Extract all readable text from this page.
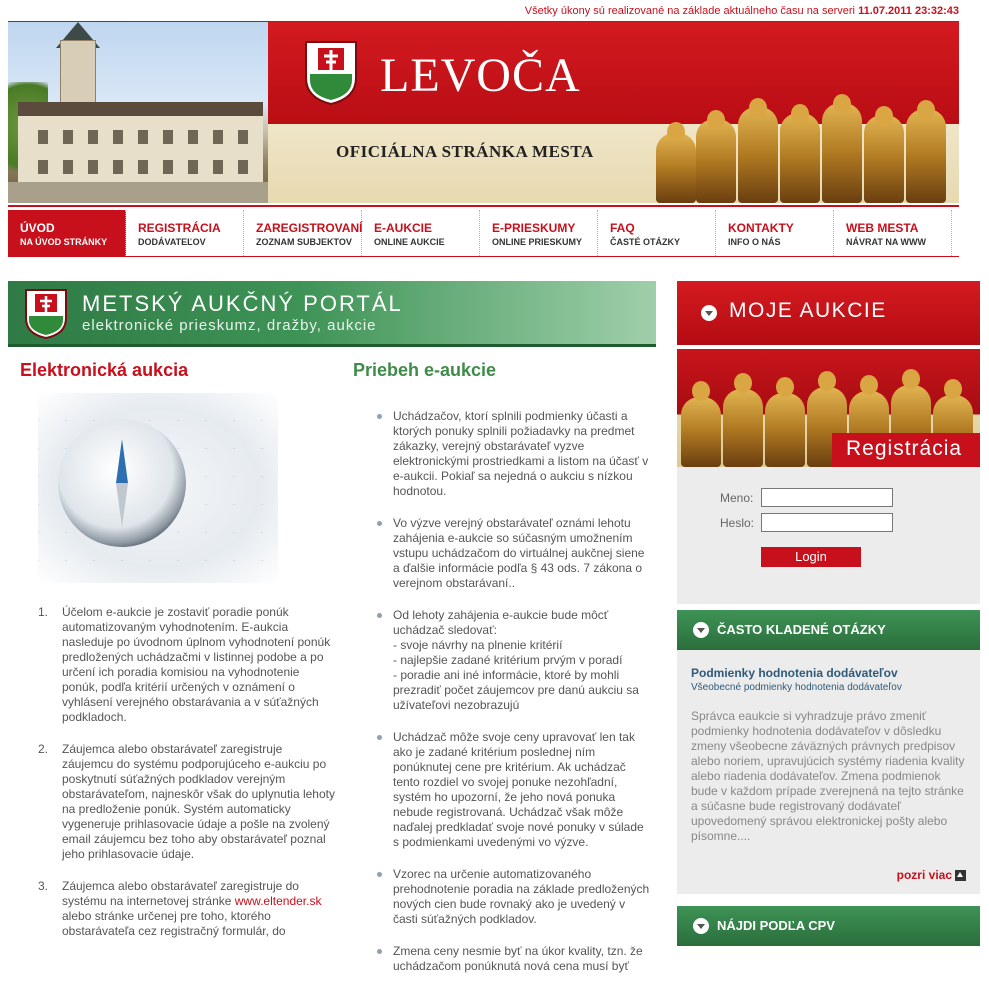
Všetky úkony sú realizované na základe aktuálneho času na serveri 11.07.2011 23:32:43
LEVOČA
OFICIÁLNA STRÁNKA MESTA
ÚVOD
NA ÚVOD STRÁNKY
REGISTRÁCIA
DODÁVATEĽOV
ZAREGISTROVANÍ
ZOZNAM SUBJEKTOV
E-AUKCIE
ONLINE AUKCIE
E-PRIESKUMY
ONLINE PRIESKUMY
FAQ
ČASTÉ OTÁZKY
KONTAKTY
INFO O NÁS
WEB MESTA
NÁVRAT NA WWW
METSKÝ AUKČNÝ PORTÁL
elektronické prieskumz, dražby, aukcie
Elektronická aukcia
1. Účelom e-aukcie je zostaviť poradie ponúk automatizovaným vyhodnotením. E-aukcia nasleduje po úvodnom úplnom vyhodnotení ponúk predložených uchádzačmi v listinnej podobe a po určení ich poradia komisiou na vyhodnotenie ponúk, podľa kritérií určených v oznámení o vyhlásení verejného obstarávania a v súťažných podkladoch.
2. Záujemca alebo obstarávateľ zaregistruje záujemcu do systému podporujúceho e-aukciu po poskytnutí súťažných podkladov verejným obstarávateľom, najneskôr však do uplynutia lehoty na predloženie ponúk. Systém automaticky vygeneruje prihlasovacie údaje a pošle na zvolený email záujemcu bez toho aby obstarávateľ poznal jeho prihlasovacie údaje.
3. Záujemca alebo obstarávateľ zaregistruje do systému na internetovej stránke www.eltender.sk alebo stránke určenej pre toho, ktorého obstarávateľa cez registračný formulár, do
Priebeh e-aukcie
Uchádzačov, ktorí splnili podmienky účasti a ktorých ponuky splnili požiadavky na predmet zákazky, verejný obstarávateľ vyzve elektronickými prostriedkami a listom na účasť v e-aukcii. Pokiaľ sa nejedná o aukciu s nízkou hodnotou.
Vo výzve verejný obstarávateľ oznámi lehotu zahájenia e-aukcie so súčasným umožnením vstupu uchádzačom do virtuálnej aukčnej siene a ďalšie informácie podľa § 43 ods. 7 zákona o verejnom obstarávaní..
Od lehoty zahájenia e-aukcie bude môcť uchádzač sledovať:
- svoje návrhy na plnenie kritérií
- najlepšie zadané kritérium prvým v poradí
- poradie ani iné informácie, ktoré by mohli prezradiť počet záujemcov pre danú aukciu sa užívateľovi nezobrazujú
Uchádzač môže svoje ceny upravovať len tak ako je zadané kritérium poslednej ním ponúknutej cene pre kritérium. Ak uchádzač tento rozdiel vo svojej ponuke nezohľadní, systém ho upozorní, že jeho nová ponuka nebude registrovaná. Uchádzač však môže naďalej predkladať svoje nové ponuky v súlade s podmienkami uvedenými vo výzve.
Vzorec na určenie automatizovaného prehodnotenie poradia na základe predložených nových cien bude rovnaký ako je uvedený v časti súťažných podkladov.
Zmena ceny nesmie byť na úkor kvality, tzn. že uchádzačom ponúknutá nová cena musí byť
MOJE AUKCIE
Registrácia
Meno:
Heslo:
Login
ČASTO KLADENÉ OTÁZKY
Podmienky hodnotenia dodávateľov
Všeobecné podmienky hodnotenia dodávateľov
Správca eaukcie si vyhradzuje právo zmeniť podmienky hodnotenia dodávateľov v dôsledku zmeny všeobecne záväzných právnych predpisov alebo noriem, upravujúcich systémy riadenia kvality alebo riadenia dodávateľov. Zmena podmienok bude v každom prípade zverejnená na tejto stránke a súčasne bude registrovaný dodávateľ upovedomený správou elektronickej pošty alebo písomne....
pozri viac
NÁJDI PODĽA CPV
